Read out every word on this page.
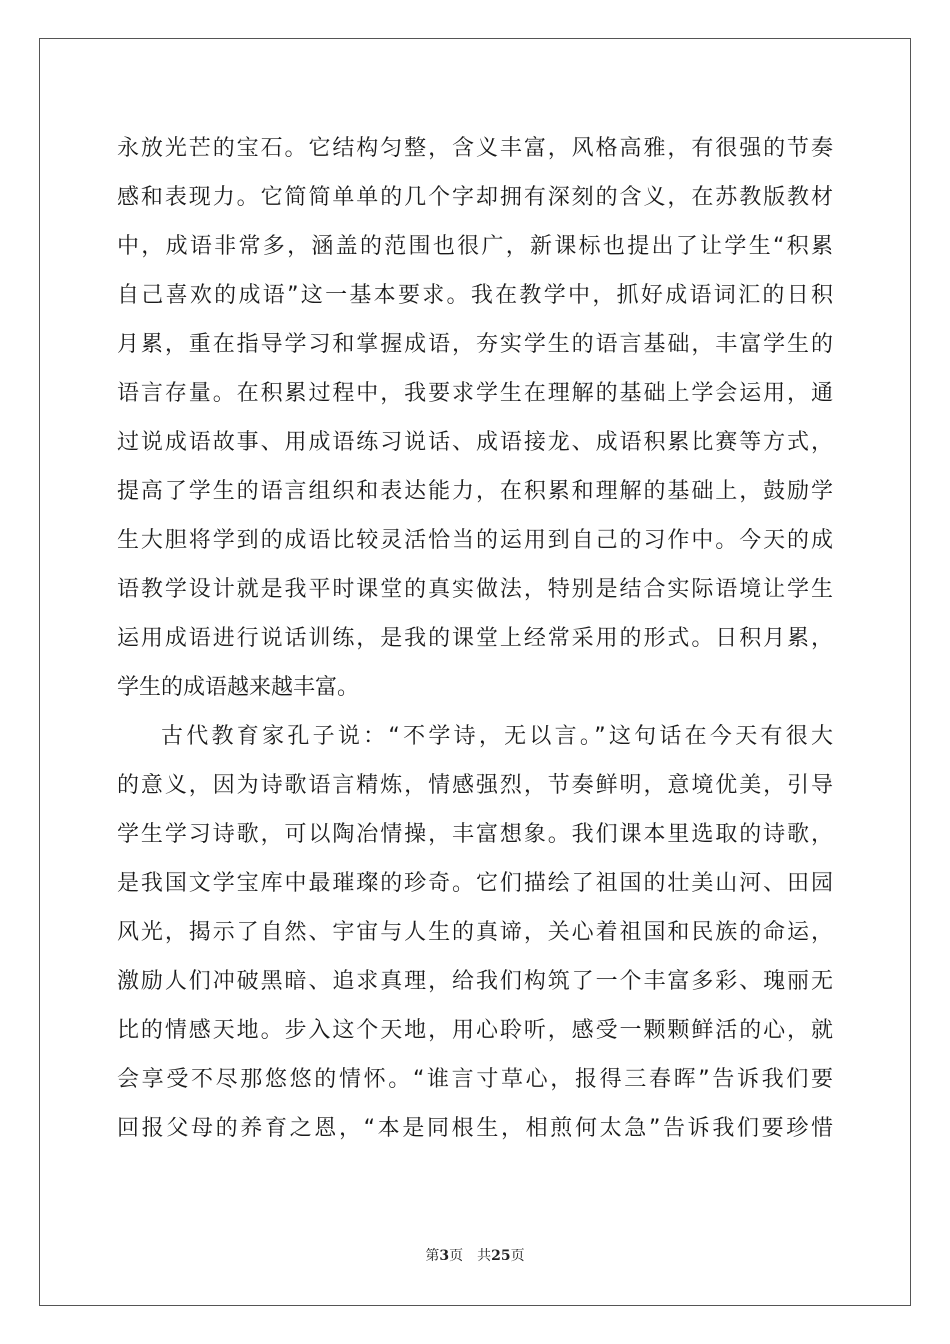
永放光芒的宝石。它结构匀整，含义丰富，风格高雅，有很强的节奏
感和表现力。它简简单单的几个字却拥有深刻的含义，在苏教版教材
中，成语非常多，涵盖的范围也很广，新课标也提出了让学生“积累
自己喜欢的成语”这一基本要求。我在教学中，抓好成语词汇的日积
月累，重在指导学习和掌握成语，夯实学生的语言基础，丰富学生的
语言存量。在积累过程中，我要求学生在理解的基础上学会运用，通
过说成语故事、用成语练习说话、成语接龙、成语积累比赛等方式，
提高了学生的语言组织和表达能力，在积累和理解的基础上，鼓励学
生大胆将学到的成语比较灵活恰当的运用到自己的习作中。今天的成
语教学设计就是我平时课堂的真实做法，特别是结合实际语境让学生
运用成语进行说话训练，是我的课堂上经常采用的形式。日积月累，
学生的成语越来越丰富。
古代教育家孔子说：“不学诗，无以言。”这句话在今天有很大
的意义，因为诗歌语言精炼，情感强烈，节奏鲜明，意境优美，引导
学生学习诗歌，可以陶冶情操，丰富想象。我们课本里选取的诗歌，
是我国文学宝库中最璀璨的珍奇。它们描绘了祖国的壮美山河、田园
风光，揭示了自然、宇宙与人生的真谛，关心着祖国和民族的命运，
激励人们冲破黑暗、追求真理，给我们构筑了一个丰富多彩、瑰丽无
比的情感天地。步入这个天地，用心聆听，感受一颗颗鲜活的心，就
会享受不尽那悠悠的情怀。“谁言寸草心，报得三春晖”告诉我们要
回报父母的养育之恩，“本是同根生，相煎何太急”告诉我们要珍惜
第3页 共25页
